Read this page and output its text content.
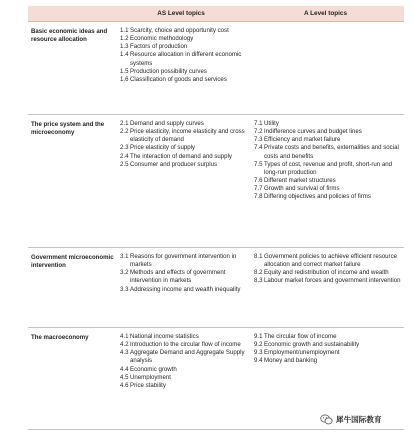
AS Level topics	A Level topics
Basic economic ideas and resource allocation
1.1 Scarcity, choice and opportunity cost
1.2 Economic methodology
1.3 Factors of production
1.4 Resource allocation in different economic systems
1.5 Production possibility curves
1.6 Classification of goods and services
The price system and the microeconomy
2.1 Demand and supply curves
2.2 Price elasticity, income elasticity and cross elasticity of demand
2.3 Price elasticity of supply
2.4 The interaction of demand and supply
2.5 Consumer and producer surplus
7.1 Utility
7.2 Indifference curves and budget lines
7.3 Efficiency and market failure
7.4 Private costs and benefits, externalities and social costs and benefits
7.5 Types of cost, revenue and profit, short-run and long-run production
7.6 Different market structures
7.7 Growth and survival of firms
7.8 Differing objectives and policies of firms
Government microeconomic intervention
3.1 Reasons for government intervention in markets
3.2 Methods and effects of government intervention in markets
3.3 Addressing income and wealth inequality
8.1 Government policies to achieve efficient resource allocation and correct market failure
8.2 Equity and redistribution of income and wealth
8.3 Labour market forces and government intervention
The macroeconomy	4.1 National income statistics
4.2 Introduction to the circular flow of income
4.3 Aggregate Demand and Aggregate Supply analysis
4.4 Economic growth
4.5 Unemployment
4.6 Price stability
9.1 The circular flow of income
9.2 Economic growth and sustainability
9.3 Employment/unemployment
9.4 Money and banking
犀牛国际教育
